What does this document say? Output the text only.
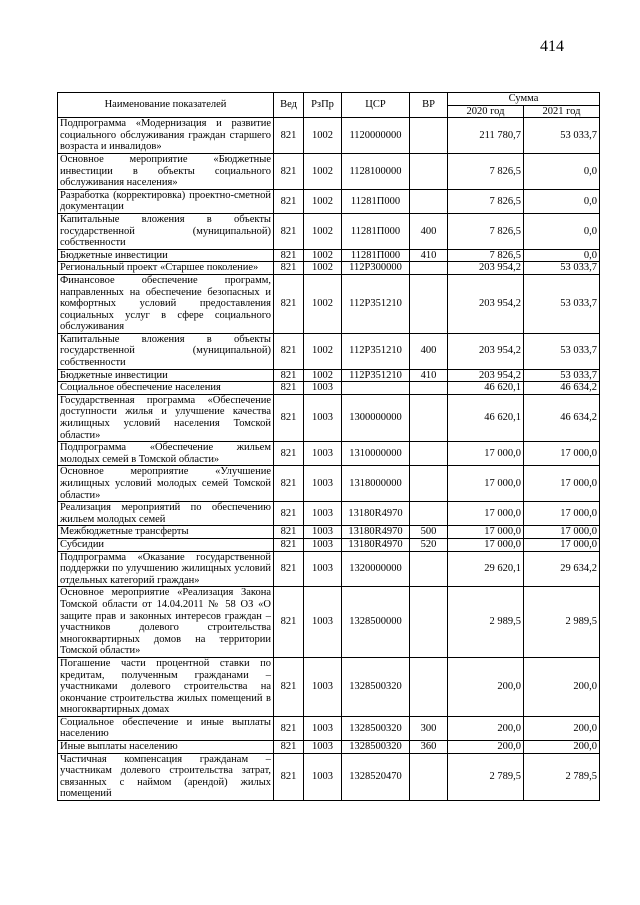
414
Наименование показателей	Вед	РзПр	ЦСР	ВР	Сумма	
					2020 год	2021 год
Подпрограмма «Модернизация и развитие социального обслуживания граждан старшего возраста и инвалидов»	821	1002	1120000000		211 780,7	53 033,7
Основное мероприятие «Бюджетные инвестиции в объекты социального обслуживания населения»	821	1002	1128100000		7 826,5	0,0
Разработка (корректировка) проектно-сметной документации	821	1002	11281П000		7 826,5	0,0
Капитальные вложения в объекты государственной (муниципальной) собственности	821	1002	11281П000	400	7 826,5	0,0
Бюджетные инвестиции	821	1002	11281П000	410	7 826,5	0,0
Региональный проект «Старшее поколение»	821	1002	112P300000		203 954,2	53 033,7
Финансовое обеспечение программ, направленных на обеспечение безопасных и комфортных условий предоставления социальных услуг в сфере социального обслуживания	821	1002	112P351210		203 954,2	53 033,7
Капитальные вложения в объекты государственной (муниципальной) собственности	821	1002	112P351210	400	203 954,2	53 033,7
Бюджетные инвестиции	821	1002	112P351210	410	203 954,2	53 033,7
Социальное обеспечение населения	821	1003			46 620,1	46 634,2
Государственная программа «Обеспечение доступности жилья и улучшение качества жилищных условий населения Томской области»	821	1003	1300000000		46 620,1	46 634,2
Подпрограмма «Обеспечение жильем молодых семей в Томской области»	821	1003	1310000000		17 000,0	17 000,0
Основное мероприятие «Улучшение жилищных условий молодых семей Томской области»	821	1003	1318000000		17 000,0	17 000,0
Реализация мероприятий по обеспечению жильем молодых семей	821	1003	13180R4970		17 000,0	17 000,0
Межбюджетные трансферты	821	1003	13180R4970	500	17 000,0	17 000,0
Субсидии	821	1003	13180R4970	520	17 000,0	17 000,0
Подпрограмма «Оказание государственной поддержки по улучшению жилищных условий отдельных категорий граждан»	821	1003	1320000000		29 620,1	29 634,2
Основное мероприятие «Реализация Закона Томской области от 14.04.2011 № 58 ОЗ «О защите прав и законных интересов граждан – участников долевого строительства многоквартирных домов на территории Томской области»	821	1003	1328500000		2 989,5	2 989,5
Погашение части процентной ставки по кредитам, полученным гражданами – участниками долевого строительства на окончание строительства жилых помещений в многоквартирных домах	821	1003	1328500320		200,0	200,0
Социальное обеспечение и иные выплаты населению	821	1003	1328500320	300	200,0	200,0
Иные выплаты населению	821	1003	1328500320	360	200,0	200,0
Частичная компенсация гражданам – участникам долевого строительства затрат, связанных с наймом (арендой) жилых помещений	821	1003	1328520470		2 789,5	2 789,5
